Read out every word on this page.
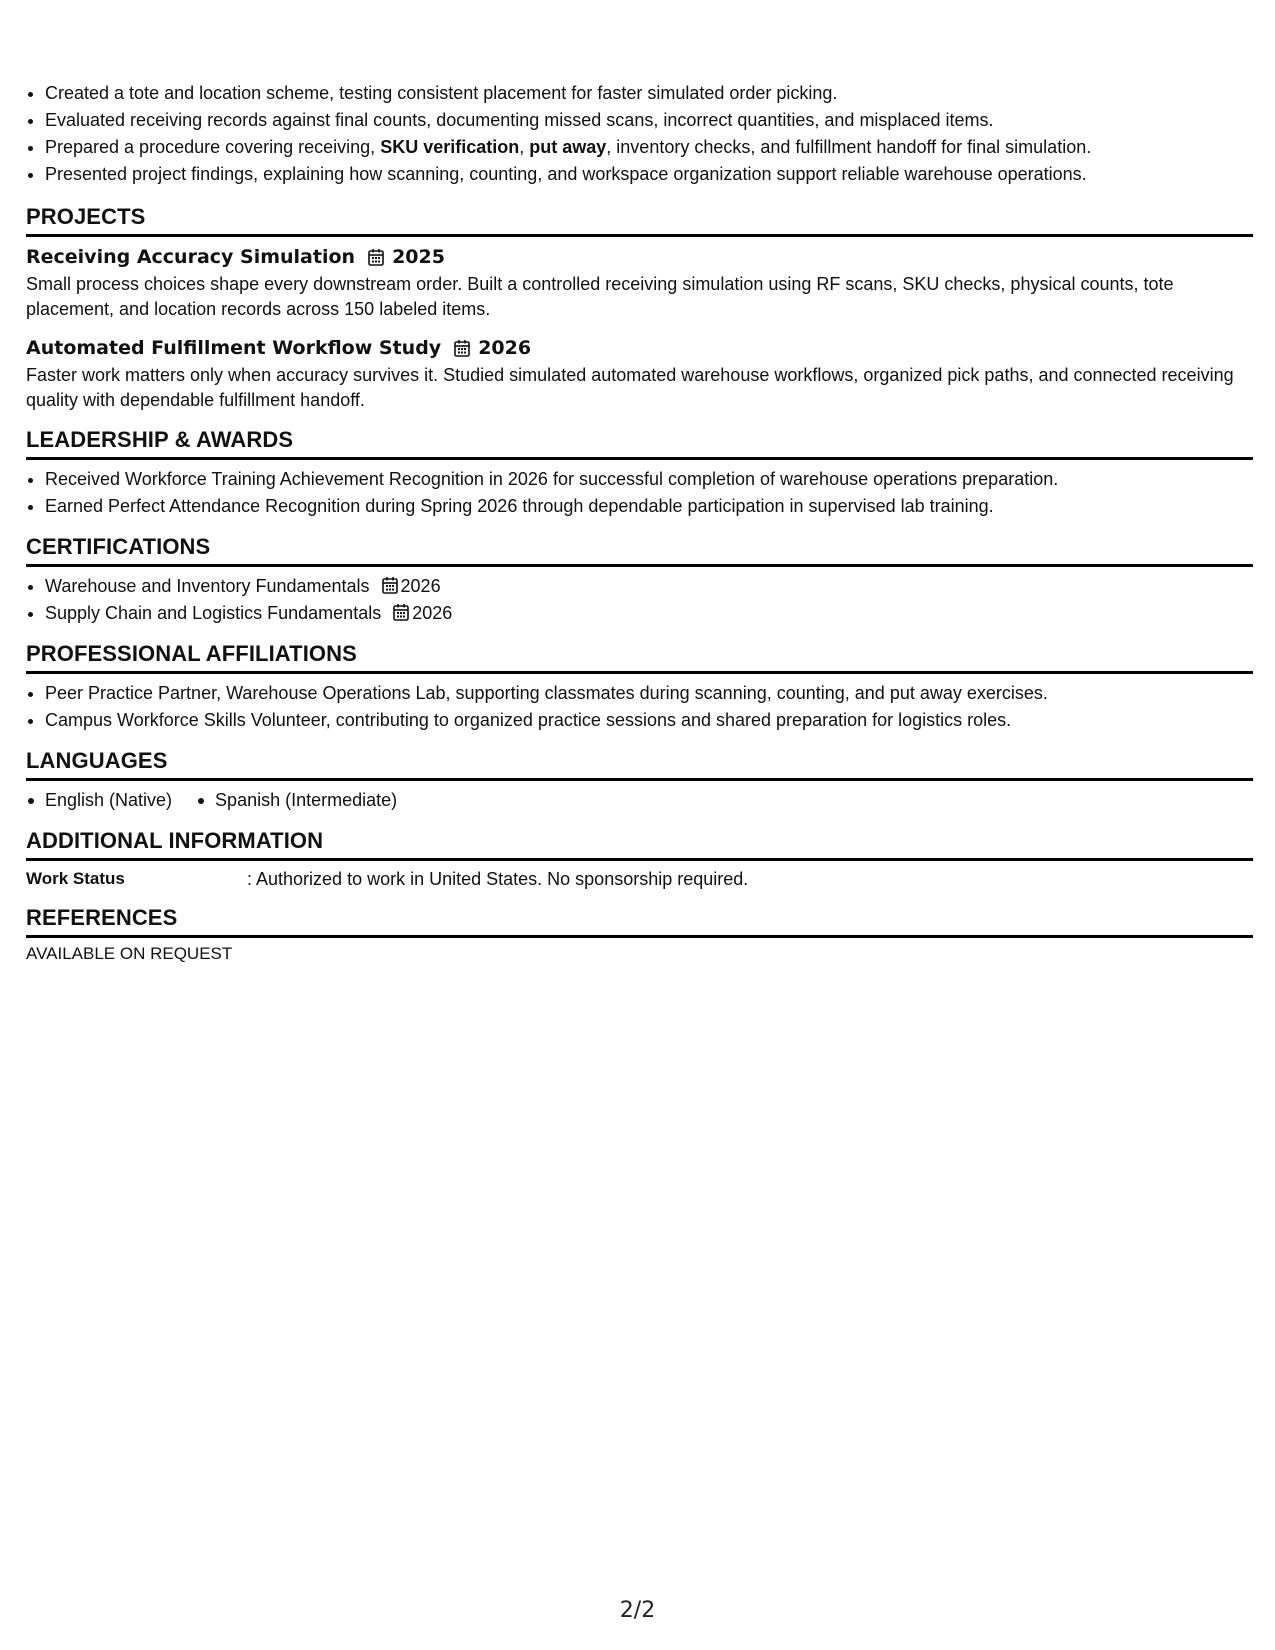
• Created a tote and location scheme, testing consistent placement for faster simulated order picking.
• Evaluated receiving records against final counts, documenting missed scans, incorrect quantities, and misplaced items.
• Prepared a procedure covering receiving, SKU verification, put away, inventory checks, and fulfillment handoff for final simulation.
• Presented project findings, explaining how scanning, counting, and workspace organization support reliable warehouse operations.
PROJECTS
Receiving Accuracy Simulation 2025

Small process choices shape every downstream order. Built a controlled receiving simulation using RF scans, SKU checks, physical counts, tote placement, and location records across 150 labeled items.

Automated Fulfillment Workflow Study 2026

Faster work matters only when accuracy survives it. Studied simulated automated warehouse workflows, organized pick paths, and connected receiving quality with dependable fulfillment handoff.

LEADERSHIP & AWARDS
• Received Workforce Training Achievement Recognition in 2026 for successful completion of warehouse operations preparation.
• Earned Perfect Attendance Recognition during Spring 2026 through dependable participation in supervised lab training.
CERTIFICATIONS
• Warehouse and Inventory Fundamentals 2026
• Supply Chain and Logistics Fundamentals 2026
PROFESSIONAL AFFILIATIONS
• Peer Practice Partner, Warehouse Operations Lab, supporting classmates during scanning, counting, and put away exercises.
• Campus Workforce Skills Volunteer, contributing to organized practice sessions and shared preparation for logistics roles.
LANGUAGES
English (Native)	Spanish (Intermediate)
ADDITIONAL INFORMATION
Work Status	: Authorized to work in United States. No sponsorship required.
REFERENCES
AVAILABLE ON REQUEST
2/2
